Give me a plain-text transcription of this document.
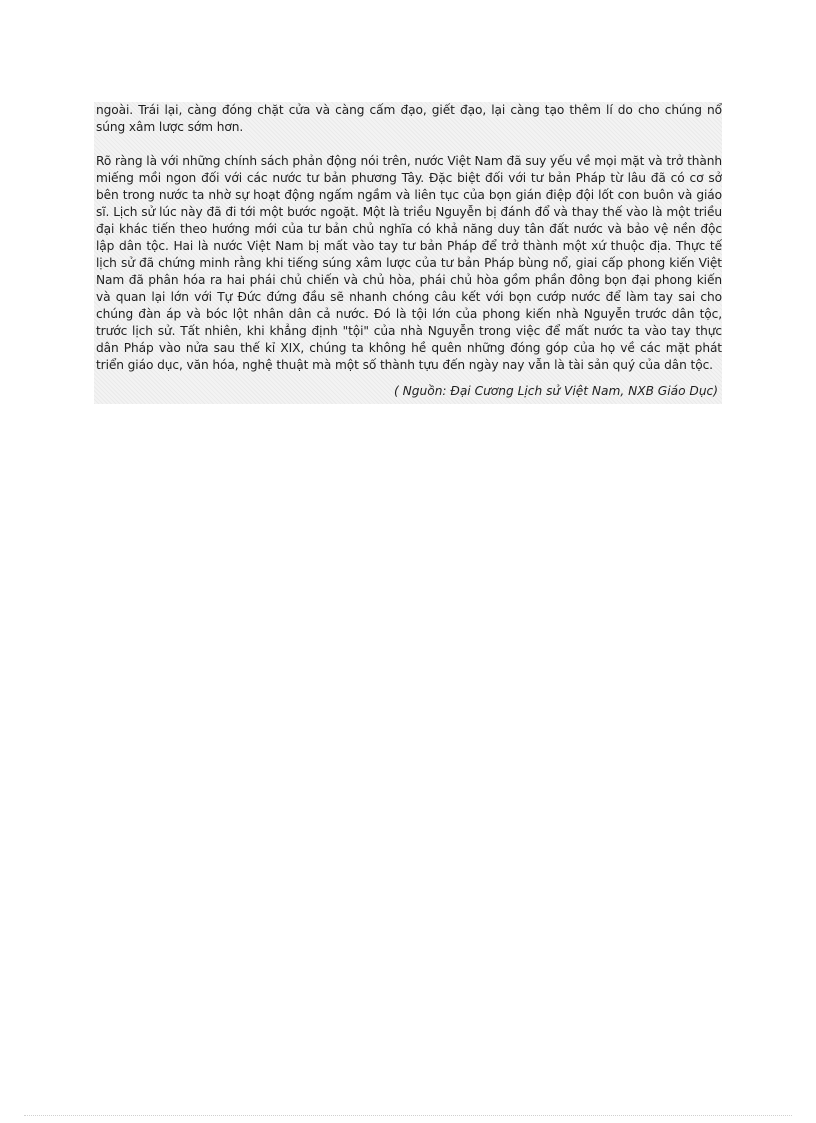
ngoài. Trái lại, càng đóng chặt cửa và càng cấm đạo, giết đạo, lại càng tạo thêm lí do cho chúng nổ súng xâm lược sớm hơn.

Rõ ràng là với những chính sách phản động nói trên, nước Việt Nam đã suy yếu về mọi mặt và trở thành miếng mồi ngon đối với các nước tư bản phương Tây. Đặc biệt đối với tư bản Pháp từ lâu đã có cơ sở bên trong nước ta nhờ sự hoạt động ngấm ngầm và liên tục của bọn gián điệp đội lốt con buôn và giáo sĩ. Lịch sử lúc này đã đi tới một bước ngoặt. Một là triều Nguyễn bị đánh đổ và thay thế vào là một triều đại khác tiến theo hướng mới của tư bản chủ nghĩa có khả năng duy tân đất nước và bảo vệ nền độc lập dân tộc. Hai là nước Việt Nam bị mất vào tay tư bản Pháp để trở thành một xứ thuộc địa. Thực tế lịch sử đã chứng minh rằng khi tiếng súng xâm lược của tư bản Pháp bùng nổ, giai cấp phong kiến Việt Nam đã phân hóa ra hai phái chủ chiến và chủ hòa, phái chủ hòa gồm phần đông bọn đại phong kiến và quan lại lớn với Tự Đức đứng đầu sẽ nhanh chóng câu kết với bọn cướp nước để làm tay sai cho chúng đàn áp và bóc lột nhân dân cả nước. Đó là tội lớn của phong kiến nhà Nguyễn trước dân tộc, trước lịch sử. Tất nhiên, khi khẳng định "tội" của nhà Nguyễn trong việc để mất nước ta vào tay thực dân Pháp vào nửa sau thế kỉ XIX, chúng ta không hề quên những đóng góp của họ về các mặt phát triển giáo dục, văn hóa, nghệ thuật mà một số thành tựu đến ngày nay vẫn là tài sản quý của dân tộc.

( Nguồn: Đại Cương Lịch sử Việt Nam, NXB Giáo Dục)
